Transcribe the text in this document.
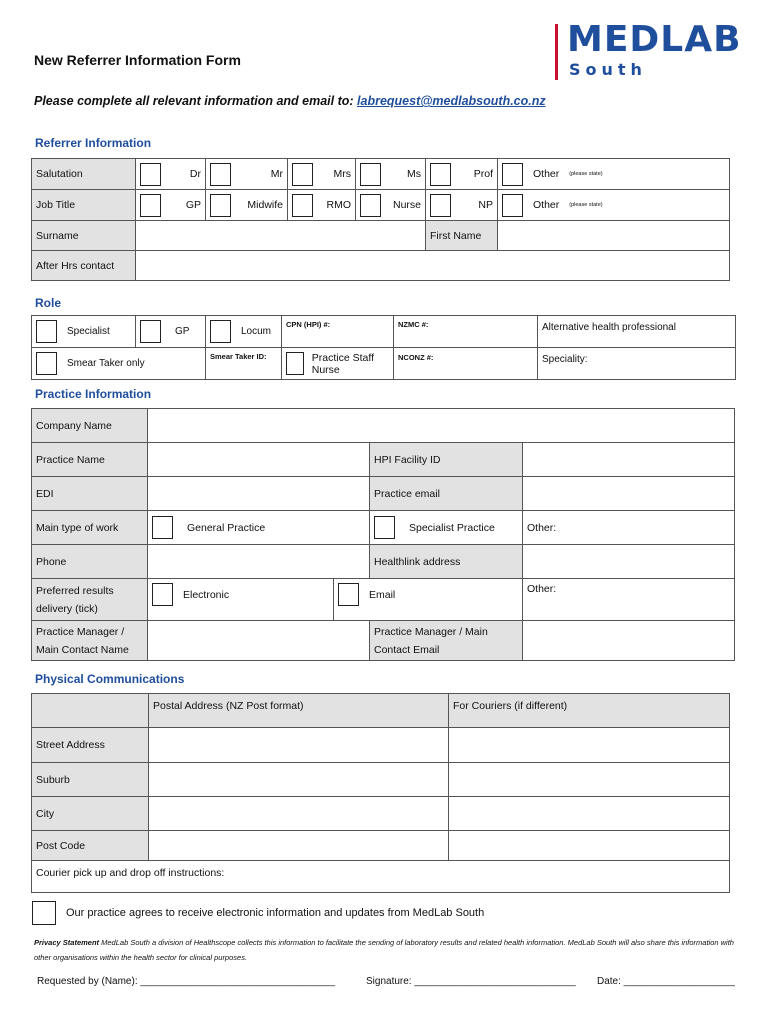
New Referrer Information Form	MEDLAB
South
Please complete all relevant information and email to: labrequest@medlabsouth.co.nz
Referrer Information
Salutation	Dr	Mr	Mrs	Ms	Prof	Other (please state)

Job Title	GP	Midwife	RMO	Nurse	NP	Other (please state)

Surname					First Name	
After Hrs contact						
Role
Specialist	GP	Locum	CPN (HPI) #:	NZMC #:	Alternative health professional

Smear Taker only		Smear Taker ID:	Practice Staff Nurse	NCONZ #:	Speciality:
Practice Information
Company Name				
Practice Name			HPI Facility ID	
EDI			Practice email	
Main type of work	General Practice		Specialist Practice	Other:
Phone			Healthlink address	
Preferred results delivery (tick)	Electronic	Email		Other:
Practice Manager / Main Contact Name			Practice Manager / Main Contact Email	
Physical Communications
	Postal Address (NZ Post format)	For Couriers (if different)
Street Address		
Suburb		
City		
Post Code		
Courier pick up and drop off instructions:		
Our practice agrees to receive electronic information and updates from MedLab South
Privacy Statement MedLab South a division of Healthscope collects this information to facilitate the sending of laboratory results and related health information. MedLab South will also share this information with other organisations within the health sector for clinical purposes.
Requested by (Name): ___________________________________	Signature: _____________________________ Date: ____________________
